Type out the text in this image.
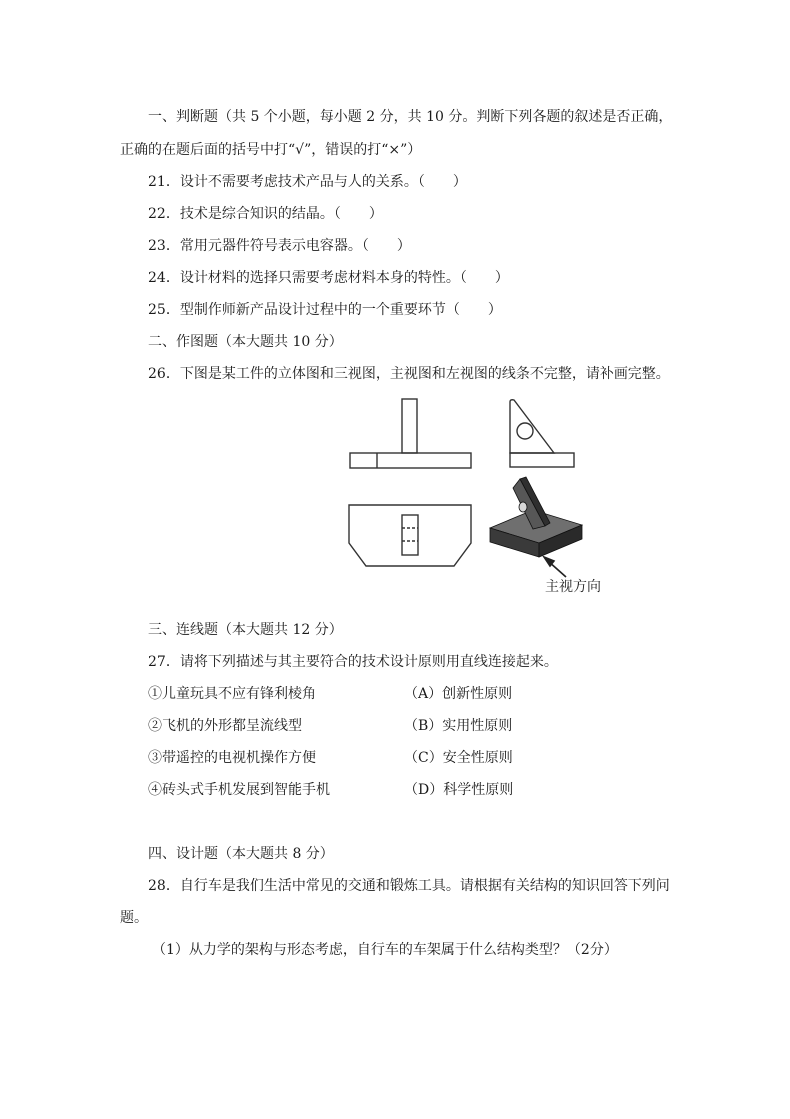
一、判断题（共 5 个小题，每小题 2 分，共 10 分。判断下列各题的叙述是否正确，
正确的在题后面的括号中打“√”，错误的打“×”）
21．设计不需要考虑技术产品与人的关系。（　　）
22．技术是综合知识的结晶。（　　）
23．常用元器件符号表示电容器。（　　）
24．设计材料的选择只需要考虑材料本身的特性。（　　）
25．型制作师新产品设计过程中的一个重要环节（　　）
二、作图题（本大题共 10 分）
26．下图是某工件的立体图和三视图，主视图和左视图的线条不完整，请补画完整。
主视方向
三、连线题（本大题共 12 分）
27．请将下列描述与其主要符合的技术设计原则用直线连接起来。
①儿童玩具不应有锋利棱角	（A）创新性原则
②飞机的外形都呈流线型	（B）实用性原则
③带遥控的电视机操作方便	（C）安全性原则
④砖头式手机发展到智能手机	（D）科学性原则
四、设计题（本大题共 8 分）
28．自行车是我们生活中常见的交通和锻炼工具。请根据有关结构的知识回答下列问
题。
（1）从力学的架构与形态考虑，自行车的车架属于什么结构类型？（2分）
